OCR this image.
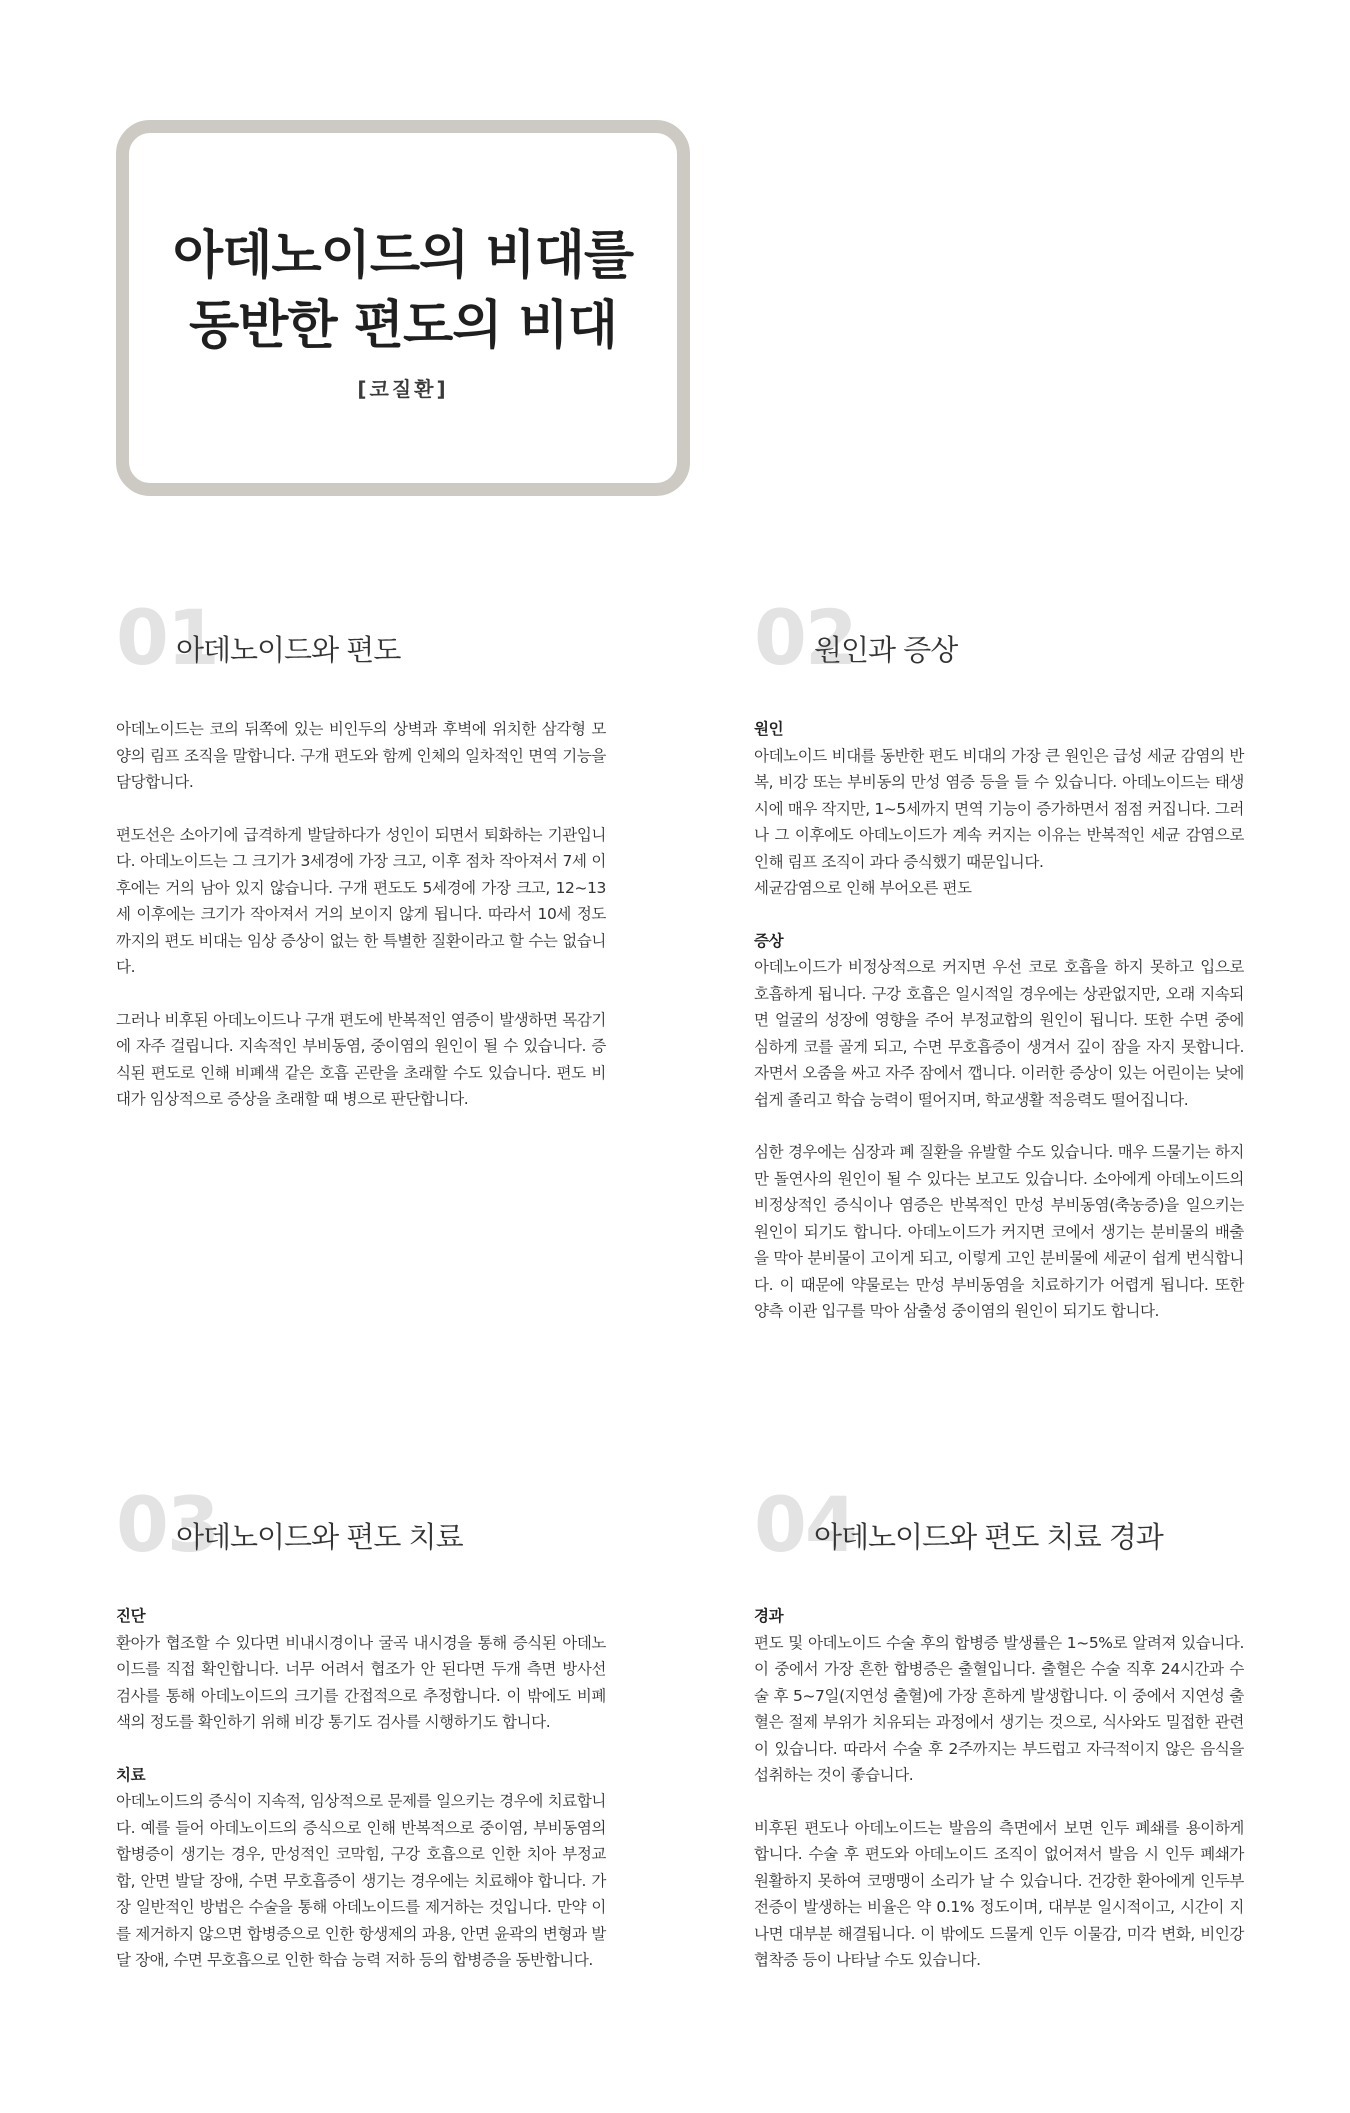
아데노이드의 비대를
동반한 편도의 비대
[코질환]
01
아데노이드와 편도

아데노이드는 코의 뒤쪽에 있는 비인두의 상벽과 후벽에 위치한 삼각형 모양의 림프 조직을 말합니다. 구개 편도와 함께 인체의 일차적인 면역 기능을 담당합니다.

편도선은 소아기에 급격하게 발달하다가 성인이 되면서 퇴화하는 기관입니다. 아데노이드는 그 크기가 3세경에 가장 크고, 이후 점차 작아져서 7세 이후에는 거의 남아 있지 않습니다. 구개 편도도 5세경에 가장 크고, 12~13세 이후에는 크기가 작아져서 거의 보이지 않게 됩니다. 따라서 10세 정도까지의 편도 비대는 임상 증상이 없는 한 특별한 질환이라고 할 수는 없습니다.

그러나 비후된 아데노이드나 구개 편도에 반복적인 염증이 발생하면 목감기에 자주 걸립니다. 지속적인 부비동염, 중이염의 원인이 될 수 있습니다. 증식된 편도로 인해 비폐색 같은 호흡 곤란을 초래할 수도 있습니다. 편도 비대가 임상적으로 증상을 초래할 때 병으로 판단합니다.

02
원인과 증상

원인

아데노이드 비대를 동반한 편도 비대의 가장 큰 원인은 급성 세균 감염의 반복, 비강 또는 부비동의 만성 염증 등을 들 수 있습니다. 아데노이드는 태생 시에 매우 작지만, 1~5세까지 면역 기능이 증가하면서 점점 커집니다. 그러나 그 이후에도 아데노이드가 계속 커지는 이유는 반복적인 세균 감염으로 인해 림프 조직이 과다 증식했기 때문입니다.

세균감염으로 인해 부어오른 편도

증상

아데노이드가 비정상적으로 커지면 우선 코로 호흡을 하지 못하고 입으로 호흡하게 됩니다. 구강 호흡은 일시적일 경우에는 상관없지만, 오래 지속되면 얼굴의 성장에 영향을 주어 부정교합의 원인이 됩니다. 또한 수면 중에 심하게 코를 골게 되고, 수면 무호흡증이 생겨서 깊이 잠을 자지 못합니다. 자면서 오줌을 싸고 자주 잠에서 깹니다. 이러한 증상이 있는 어린이는 낮에 쉽게 졸리고 학습 능력이 떨어지며, 학교생활 적응력도 떨어집니다.

심한 경우에는 심장과 폐 질환을 유발할 수도 있습니다. 매우 드물기는 하지만 돌연사의 원인이 될 수 있다는 보고도 있습니다. 소아에게 아데노이드의 비정상적인 증식이나 염증은 반복적인 만성 부비동염(축농증)을 일으키는 원인이 되기도 합니다. 아데노이드가 커지면 코에서 생기는 분비물의 배출을 막아 분비물이 고이게 되고, 이렇게 고인 분비물에 세균이 쉽게 번식합니다. 이 때문에 약물로는 만성 부비동염을 치료하기가 어렵게 됩니다. 또한 양측 이관 입구를 막아 삼출성 중이염의 원인이 되기도 합니다.

03
아데노이드와 편도 치료

진단

환아가 협조할 수 있다면 비내시경이나 굴곡 내시경을 통해 증식된 아데노이드를 직접 확인합니다. 너무 어려서 협조가 안 된다면 두개 측면 방사선 검사를 통해 아데노이드의 크기를 간접적으로 추정합니다. 이 밖에도 비폐색의 정도를 확인하기 위해 비강 통기도 검사를 시행하기도 합니다.

치료

아데노이드의 증식이 지속적, 임상적으로 문제를 일으키는 경우에 치료합니다. 예를 들어 아데노이드의 증식으로 인해 반복적으로 중이염, 부비동염의 합병증이 생기는 경우, 만성적인 코막힘, 구강 호흡으로 인한 치아 부정교합, 안면 발달 장애, 수면 무호흡증이 생기는 경우에는 치료해야 합니다. 가장 일반적인 방법은 수술을 통해 아데노이드를 제거하는 것입니다. 만약 이를 제거하지 않으면 합병증으로 인한 항생제의 과용, 안면 윤곽의 변형과 발달 장애, 수면 무호흡으로 인한 학습 능력 저하 등의 합병증을 동반합니다.

04
아데노이드와 편도 치료 경과

경과

편도 및 아데노이드 수술 후의 합병증 발생률은 1~5%로 알려져 있습니다. 이 중에서 가장 흔한 합병증은 출혈입니다. 출혈은 수술 직후 24시간과 수술 후 5~7일(지연성 출혈)에 가장 흔하게 발생합니다. 이 중에서 지연성 출혈은 절제 부위가 치유되는 과정에서 생기는 것으로, 식사와도 밀접한 관련이 있습니다. 따라서 수술 후 2주까지는 부드럽고 자극적이지 않은 음식을 섭취하는 것이 좋습니다.

비후된 편도나 아데노이드는 발음의 측면에서 보면 인두 폐쇄를 용이하게 합니다. 수술 후 편도와 아데노이드 조직이 없어져서 발음 시 인두 폐쇄가 원활하지 못하여 코맹맹이 소리가 날 수 있습니다. 건강한 환아에게 인두부전증이 발생하는 비율은 약 0.1% 정도이며, 대부분 일시적이고, 시간이 지나면 대부분 해결됩니다. 이 밖에도 드물게 인두 이물감, 미각 변화, 비인강 협착증 등이 나타날 수도 있습니다.
